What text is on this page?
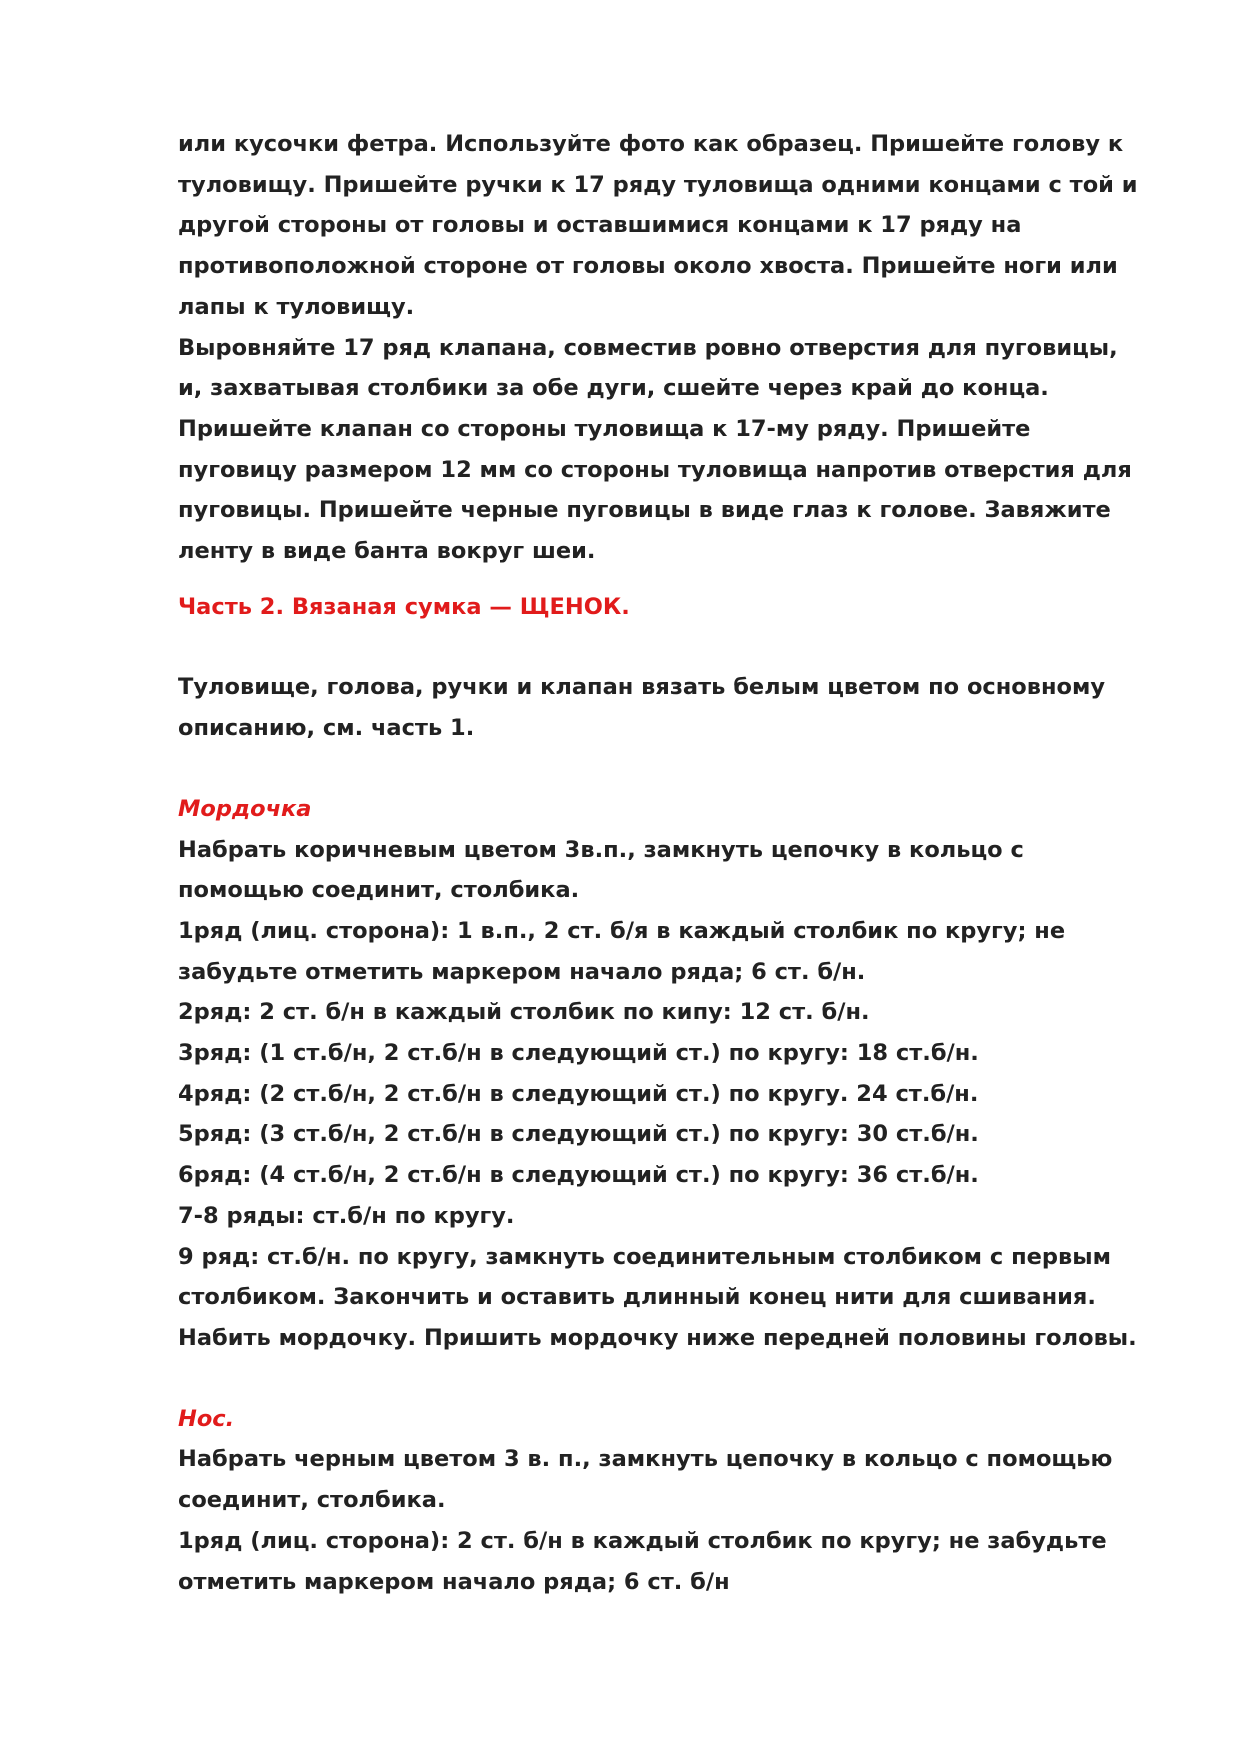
или кусочки фетра. Используйте фото как образец. Пришейте голову к

туловищу. Пришейте ручки к 17 ряду туловища одними концами с той и

другой стороны от головы и оставшимися концами к 17 ряду на

противоположной стороне от головы около хвоста. Пришейте ноги или

лапы к туловищу.

Выровняйте 17 ряд клапана, совместив ровно отверстия для пуговицы,

и, захватывая столбики за обе дуги, сшейте через край до конца.

Пришейте клапан со стороны туловища к 17-му ряду. Пришейте

пуговицу размером 12 мм со стороны туловища напротив отверстия для

пуговицы. Пришейте черные пуговицы в виде глаз к голове. Завяжите

ленту в виде банта вокруг шеи.

Часть 2. Вязаная сумка — ЩЕНОК.

Туловище, голова, ручки и клапан вязать белым цветом по основному

описанию, см. часть 1.

Мордочка

Набрать коричневым цветом 3в.п., замкнуть цепочку в кольцо с

помощью соединит, столбика.

1ряд (лиц. сторона): 1 в.п., 2 ст. б/я в каждый столбик по кругу; не

забудьте отметить маркером начало ряда; 6 ст. б/н.

2ряд: 2 ст. б/н в каждый столбик по кипу: 12 ст. б/н.

3ряд: (1 ст.б/н, 2 ст.б/н в следующий ст.) по кругу: 18 ст.б/н.

4ряд: (2 ст.б/н, 2 ст.б/н в следующий ст.) по кругу. 24 ст.б/н.

5ряд: (3 ст.б/н, 2 ст.б/н в следующий ст.) по кругу: 30 ст.б/н.

6ряд: (4 ст.б/н, 2 ст.б/н в следующий ст.) по кругу: 36 ст.б/н.

7-8 ряды: ст.б/н по кругу.

9 ряд: ст.б/н. по кругу, замкнуть соединительным столбиком с первым

столбиком. Закончить и оставить длинный конец нити для сшивания.

Набить мордочку. Пришить мордочку ниже передней половины головы.

Нос.

Набрать черным цветом 3 в. п., замкнуть цепочку в кольцо с помощью

соединит, столбика.

1ряд (лиц. сторона): 2 ст. б/н в каждый столбик по кругу; не забудьте

отметить маркером начало ряда; 6 ст. б/н
